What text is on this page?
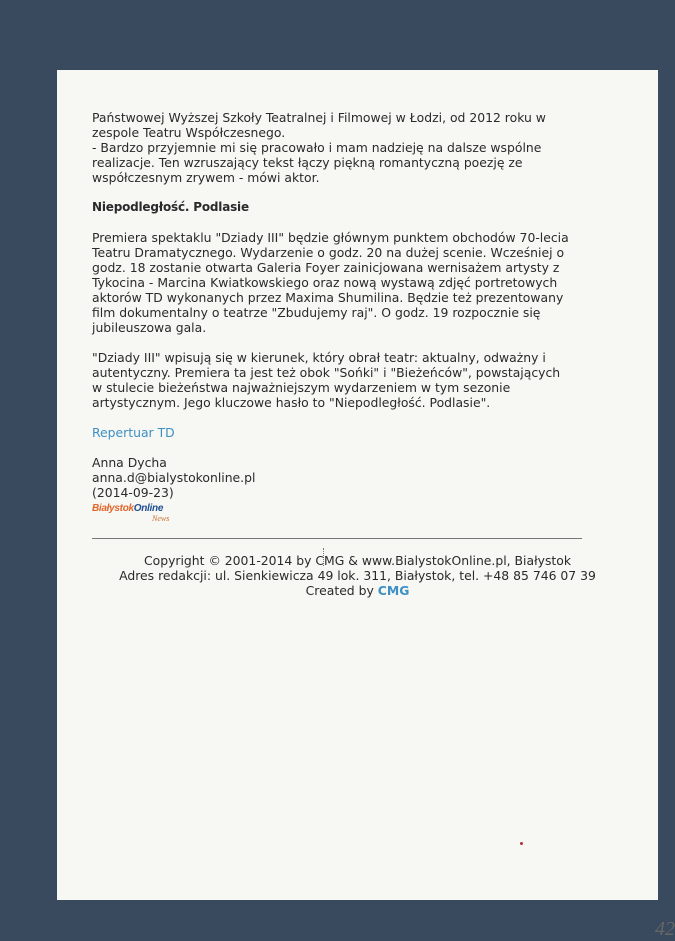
Państwowej Wyższej Szkoły Teatralnej i Filmowej w Łodzi, od 2012 roku w

zespole Teatru Współczesnego.

- Bardzo przyjemnie mi się pracowało i mam nadzieję na dalsze wspólne

realizacje. Ten wzruszający tekst łączy piękną romantyczną poezję ze

współczesnym zrywem - mówi aktor.

Niepodległość. Podlasie

Premiera spektaklu "Dziady III" będzie głównym punktem obchodów 70-lecia

Teatru Dramatycznego. Wydarzenie o godz. 20 na dużej scenie. Wcześniej o

godz. 18 zostanie otwarta Galeria Foyer zainicjowana wernisażem artysty z

Tykocina - Marcina Kwiatkowskiego oraz nową wystawą zdjęć portretowych

aktorów TD wykonanych przez Maxima Shumilina. Będzie też prezentowany

film dokumentalny o teatrze "Zbudujemy raj". O godz. 19 rozpocznie się

jubileuszowa gala.

"Dziady III" wpisują się w kierunek, który obrał teatr: aktualny, odważny i

autentyczny. Premiera ta jest też obok "Sońki" i "Bieżeńców", powstających

w stulecie bieżeństwa najważniejszym wydarzeniem w tym sezonie

artystycznym. Jego kluczowe hasło to "Niepodległość. Podlasie".

Repertuar TD

Anna Dycha

anna.d@bialystokonline.pl

(2014-09-23)

BiałystokOnline
News
Copyright © 2001-2014 by CMG & www.BialystokOnline.pl, Białystok
Adres redakcji: ul. Sienkiewicza 49 lok. 311, Białystok, tel. +48 85 746 07 39
Created by CMG
42
